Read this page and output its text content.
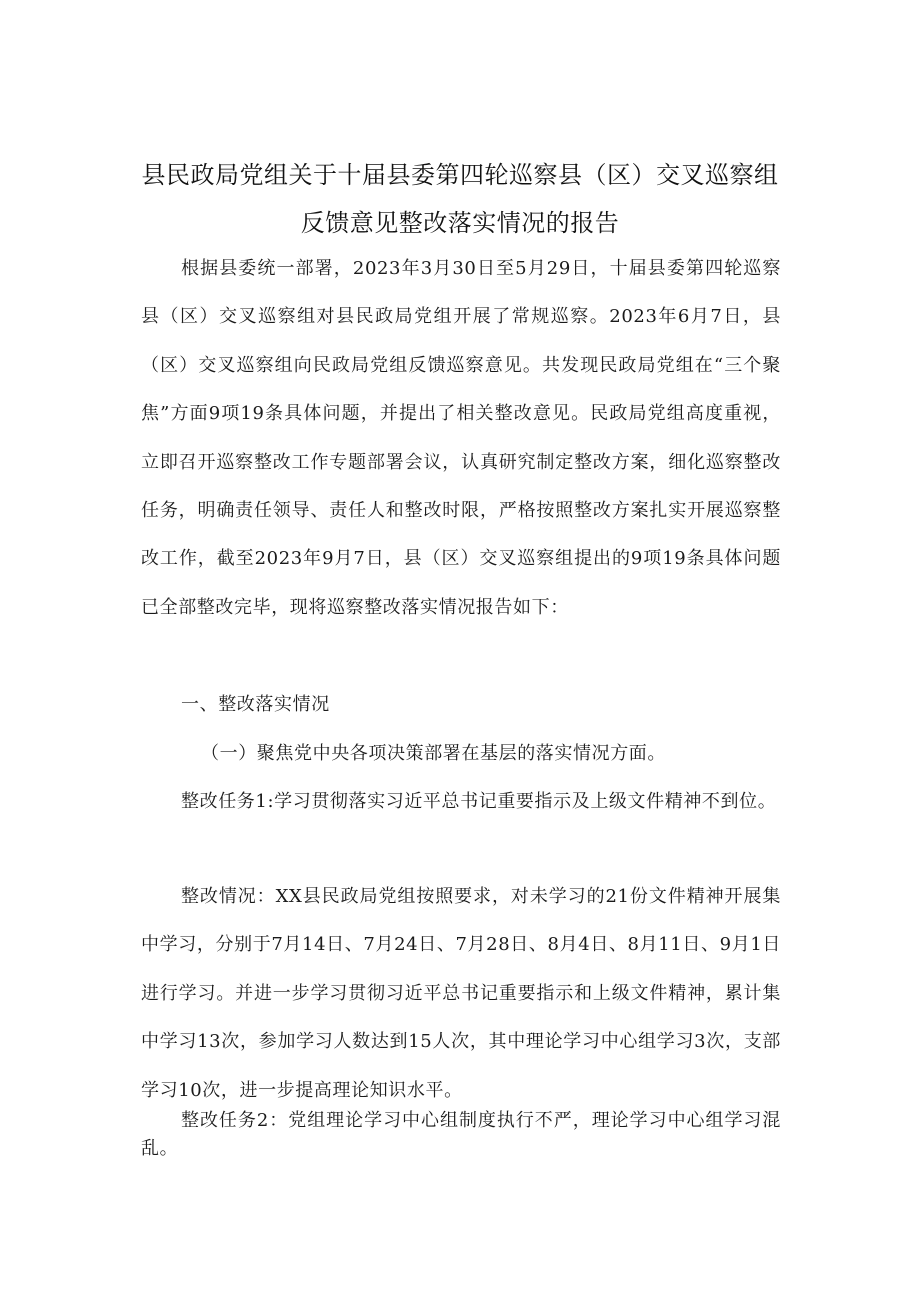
县民政局党组关于十届县委第四轮巡察县（区）交叉巡察组
反馈意见整改落实情况的报告

根据县委统一部署，2023年3月30日至5月29日，十届县委第四轮巡察县（区）交叉巡察组对县民政局党组开展了常规巡察。2023年6月7日，县（区）交叉巡察组向民政局党组反馈巡察意见。共发现民政局党组在“三个聚焦”方面9项19条具体问题，并提出了相关整改意见。民政局党组高度重视，立即召开巡察整改工作专题部署会议，认真研究制定整改方案，细化巡察整改任务，明确责任领导、责任人和整改时限，严格按照整改方案扎实开展巡察整改工作，截至2023年9月7日，县（区）交叉巡察组提出的9项19条具体问题已全部整改完毕，现将巡察整改落实情况报告如下：

一、整改落实情况

（一）聚焦党中央各项决策部署在基层的落实情况方面。

整改任务1:学习贯彻落实习近平总书记重要指示及上级文件精神不到位。

整改情况：XX县民政局党组按照要求，对未学习的21份文件精神开展集中学习，分别于7月14日、7月24日、7月28日、8月4日、8月11日、9月1日进行学习。并进一步学习贯彻习近平总书记重要指示和上级文件精神，累计集中学习13次，参加学习人数达到15人次，其中理论学习中心组学习3次，支部学习10次，进一步提高理论知识水平。

整改任务2：党组理论学习中心组制度执行不严，理论学习中心组学习混乱。
